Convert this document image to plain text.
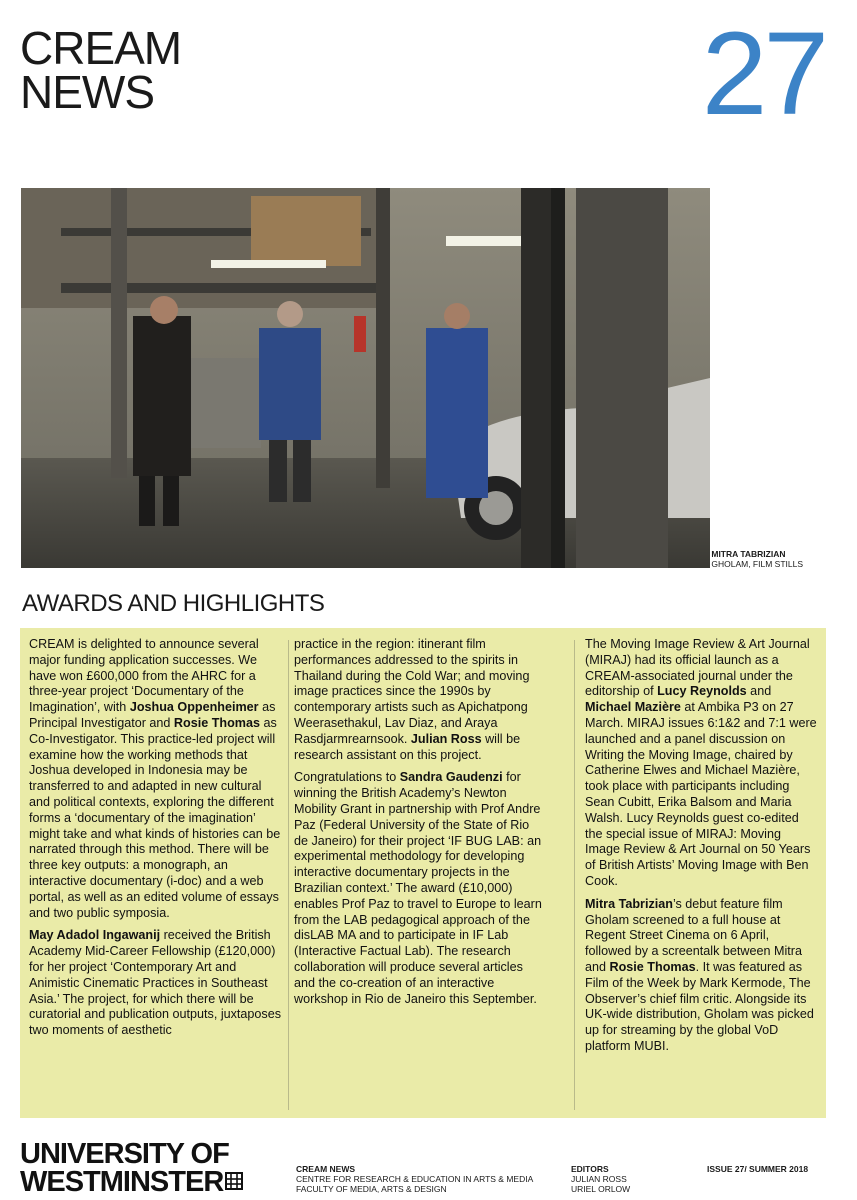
CREAM
NEWS	27
MITRA TABRIZIAN
GHOLAM, FILM STILLS
AWARDS AND HIGHLIGHTS

CREAM is delighted to announce several major funding application successes. We have won £600,000 from the AHRC for a three-year project ‘Documentary of the Imagination’, with Joshua Oppenheimer as Principal Investigator and Rosie Thomas as Co-Investigator. This practice-led project will examine how the working methods that Joshua developed in Indonesia may be transferred to and adapted in new cultural and political contexts, exploring the different forms a ‘documentary of the imagination’ might take and what kinds of histories can be narrated through this method. There will be three key outputs: a monograph, an interactive documentary (i-doc) and a web portal, as well as an edited volume of essays and two public symposia.

May Adadol Ingawanij received the British Academy Mid-Career Fellowship (£120,000) for her project ‘Contemporary Art and Animistic Cinematic Practices in Southeast Asia.’ The project, for which there will be curatorial and publication outputs, juxtaposes two moments of aesthetic

practice in the region: itinerant film performances addressed to the spirits in Thailand during the Cold War; and moving image practices since the 1990s by contemporary artists such as Apichatpong Weerasethakul, Lav Diaz, and Araya Rasdjarmrearnsook. Julian Ross will be research assistant on this project.

Congratulations to Sandra Gaudenzi for winning the British Academy’s Newton Mobility Grant in partnership with Prof Andre Paz (Federal University of the State of Rio de Janeiro) for their project ‘IF BUG LAB: an experimental methodology for developing interactive documentary projects in the Brazilian context.’ The award (£10,000) enables Prof Paz to travel to Europe to learn from the LAB pedagogical approach of the disLAB MA and to participate in IF Lab (Interactive Factual Lab). The research collaboration will produce several articles and the co-creation of an interactive workshop in Rio de Janeiro this September.

The Moving Image Review & Art Journal (MIRAJ) had its official launch as a CREAM-associated journal under the editorship of Lucy Reynolds and Michael Mazière at Ambika P3 on 27 March. MIRAJ issues 6:1&2 and 7:1 were launched and a panel discussion on Writing the Moving Image, chaired by Catherine Elwes and Michael Mazière, took place with participants including Sean Cubitt, Erika Balsom and Maria Walsh. Lucy Reynolds guest co-edited the special issue of MIRAJ: Moving Image Review & Art Journal on 50 Years of British Artists’ Moving Image with Ben Cook.

Mitra Tabrizian’s debut feature film Gholam screened to a full house at Regent Street Cinema on 6 April, followed by a screentalk between Mitra and Rosie Thomas. It was featured as Film of the Week by Mark Kermode, The Observer’s chief film critic. Alongside its UK-wide distribution, Gholam was picked up for streaming by the global VoD platform MUBI.

UNIVERSITY OF
WESTMINSTER	CREAM NEWS
CENTRE FOR RESEARCH & EDUCATION IN ARTS & MEDIA
FACULTY OF MEDIA, ARTS & DESIGN
EDITORS
JULIAN ROSS
URIEL ORLOW
ISSUE 27/ SUMMER 2018
